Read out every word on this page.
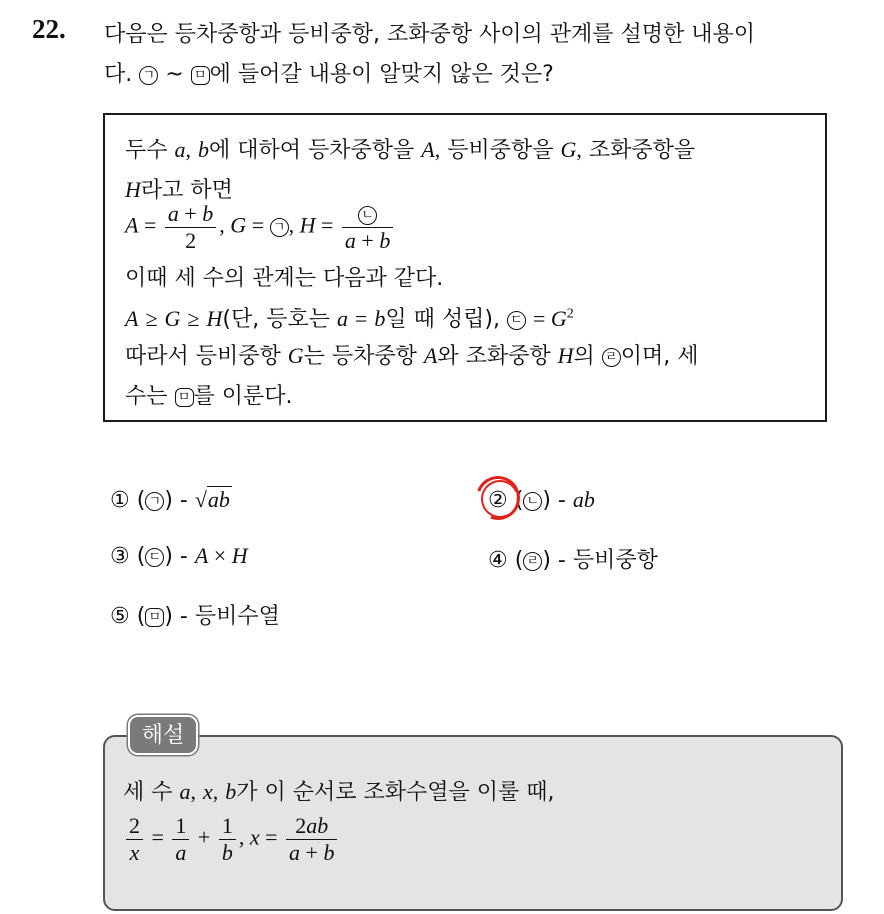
22. 다음은 등차중항과 등비중항, 조화중항 사이의 관계를 설명한 내용이
다. ㄱ ~ ㅁ 에 들어갈 내용이 알맞지 않은 것은?
두수 a, b에 대하여 등차중항을 A, 등비중항을 G, 조화중항을
H라고 하면
$A = \frac{a + b}{2}$ , G = ㄱ , $H = \frac{\text{ㄴ}}{a + b}$
이때 세 수의 관계는 다음과 같다.
A ≥ G ≥ H(단, 등호는 a = b일 때 성립), ㄷ = $G^2$
따라서 등비중항 G는 등차중항 A와 조화중항 H의 ㄹ 이며, 세
수는 ㅁ 를 이룬다.
① ( ㄱ ) - √ab	② ( ㄴ ) - ab
③ ( ㄷ ) - A × H	④ ( ㄹ ) - 등비중항
⑤ ( ㅁ ) - 등비수열
세 수 a, x, b가 이 순서로 조화수열을 이룰 때,
$\frac{2}{x} = \frac{1}{a} + \frac{1}{b}$ , $x = \frac{2ab}{a + b}$
해설
